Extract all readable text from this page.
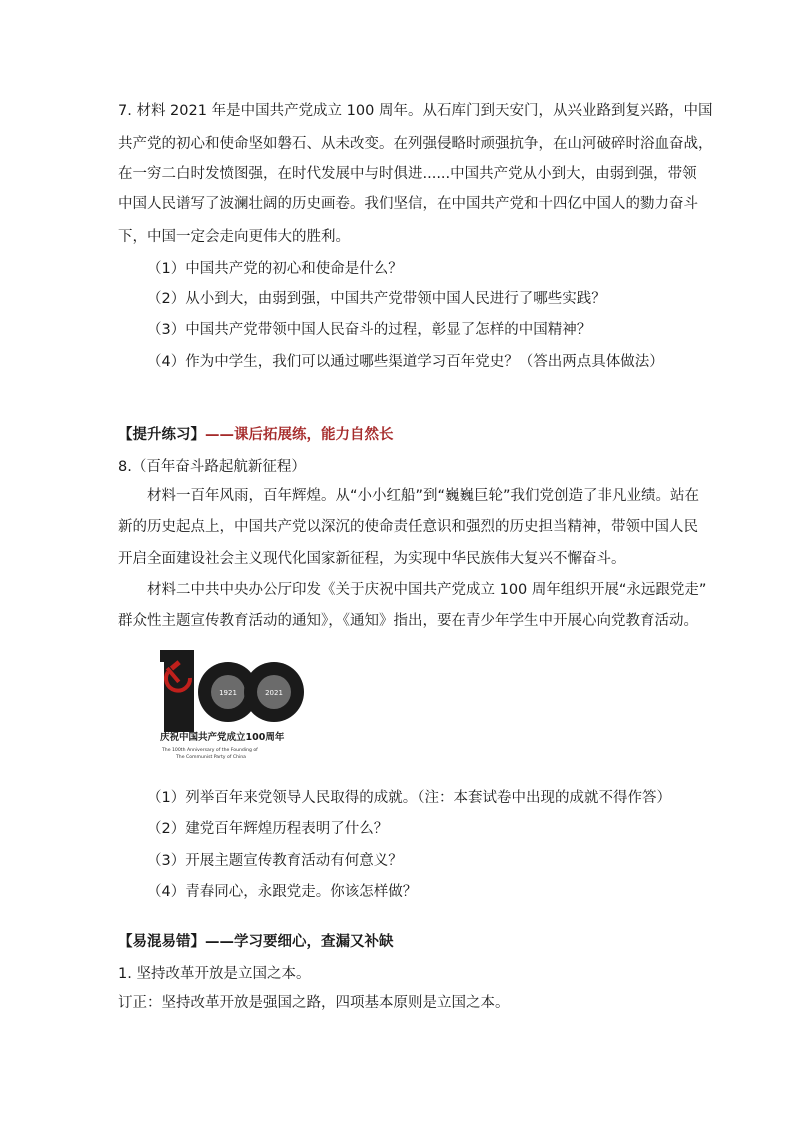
7. 材料 2021 年是中国共产党成立 100 周年。从石库门到天安门，从兴业路到复兴路，中国
共产党的初心和使命坚如磐石、从未改变。在列强侵略时顽强抗争，在山河破碎时浴血奋战，
在一穷二白时发愤图强，在时代发展中与时俱进......中国共产党从小到大，由弱到强，带领
中国人民谱写了波澜壮阔的历史画卷。我们坚信，在中国共产党和十四亿中国人的勠力奋斗
下，中国一定会走向更伟大的胜利。
（1）中国共产党的初心和使命是什么？
（2）从小到大，由弱到强，中国共产党带领中国人民进行了哪些实践？
（3）中国共产党带领中国人民奋斗的过程，彰显了怎样的中国精神？
（4）作为中学生，我们可以通过哪些渠道学习百年党史？（答出两点具体做法）
【提升练习】——课后拓展练，能力自然长
8.（百年奋斗路起航新征程）
材料一百年风雨，百年辉煌。从“小小红船”到“巍巍巨轮”我们党创造了非凡业绩。站在
新的历史起点上，中国共产党以深沉的使命责任意识和强烈的历史担当精神，带领中国人民
开启全面建设社会主义现代化国家新征程，为实现中华民族伟大复兴不懈奋斗。
材料二中共中央办公厅印发《关于庆祝中国共产党成立 100 周年组织开展“永远跟党走”
群众性主题宣传教育活动的通知》，《通知》指出，要在青少年学生中开展心向党教育活动。
1921	2021
庆祝中国共产党成立100周年
The 100th Anniversary of the Founding of
The Communist Party of China
（1）列举百年来党领导人民取得的成就。（注：本套试卷中出现的成就不得作答）
（2）建党百年辉煌历程表明了什么？
（3）开展主题宣传教育活动有何意义？
（4）青春同心，永跟党走。你该怎样做？
【易混易错】——学习要细心，查漏又补缺
1. 坚持改革开放是立国之本。
订正：坚持改革开放是强国之路，四项基本原则是立国之本。
